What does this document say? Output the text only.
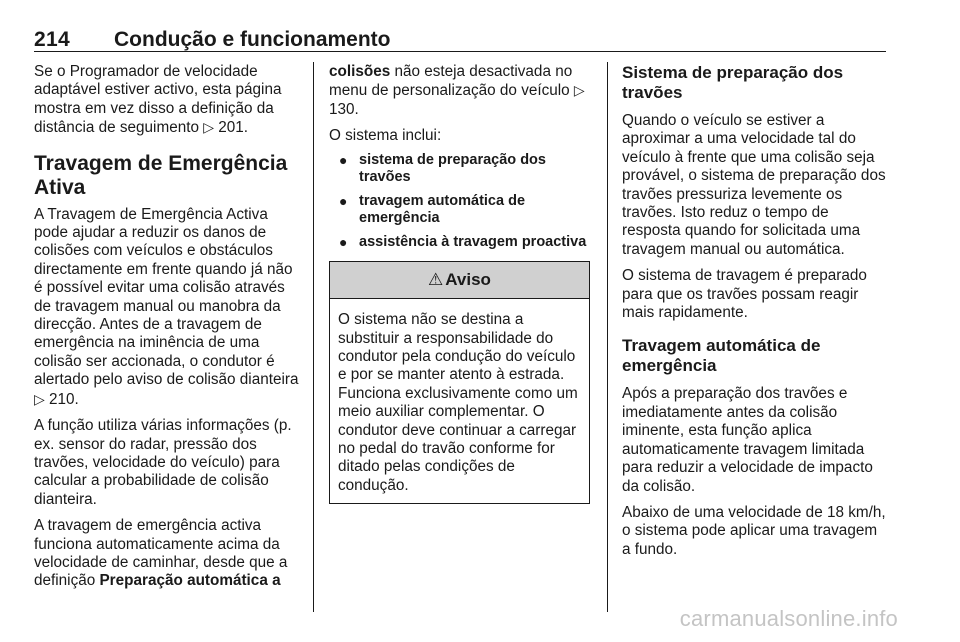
214 Condução e funcionamento

Se o Programador de velocidade adaptável estiver activo, esta página mostra em vez disso a definição da distância de seguimento ▷ 201.

Travagem de Emergência Ativa

A Travagem de Emergência Activa pode ajudar a reduzir os danos de colisões com veículos e obstáculos directamente em frente quando já não é possível evitar uma colisão através de travagem manual ou manobra da direcção. Antes de a travagem de emergência na iminência de uma colisão ser accionada, o condutor é alertado pelo aviso de colisão dianteira ▷ 210.

A função utiliza várias informações (p. ex. sensor do radar, pressão dos travões, velocidade do veículo) para calcular a probabilidade de colisão dianteira.

A travagem de emergência activa funciona automaticamente acima da velocidade de caminhar, desde que a definição Preparação automática a

colisões não esteja desactivada no menu de personalização do veículo ▷ 130.

O sistema inclui:

● sistema de preparação dos travões
● travagem automática de emergência
● assistência à travagem proactiva
⚠ Aviso
O sistema não se destina a substituir a responsabilidade do condutor pela condução do veículo e por se manter atento à estrada. Funciona exclusivamente como um meio auxiliar complementar. O condutor deve continuar a carregar no pedal do travão conforme for ditado pelas condições de condução.
Sistema de preparação dos travões

Quando o veículo se estiver a aproximar a uma velocidade tal do veículo à frente que uma colisão seja provável, o sistema de preparação dos travões pressuriza levemente os travões. Isto reduz o tempo de resposta quando for solicitada uma travagem manual ou automática.

O sistema de travagem é preparado para que os travões possam reagir mais rapidamente.

Travagem automática de emergência

Após a preparação dos travões e imediatamente antes da colisão iminente, esta função aplica automaticamente travagem limitada para reduzir a velocidade de impacto da colisão.

Abaixo de uma velocidade de 18 km/h, o sistema pode aplicar uma travagem a fundo.

carmanualsonline.info
